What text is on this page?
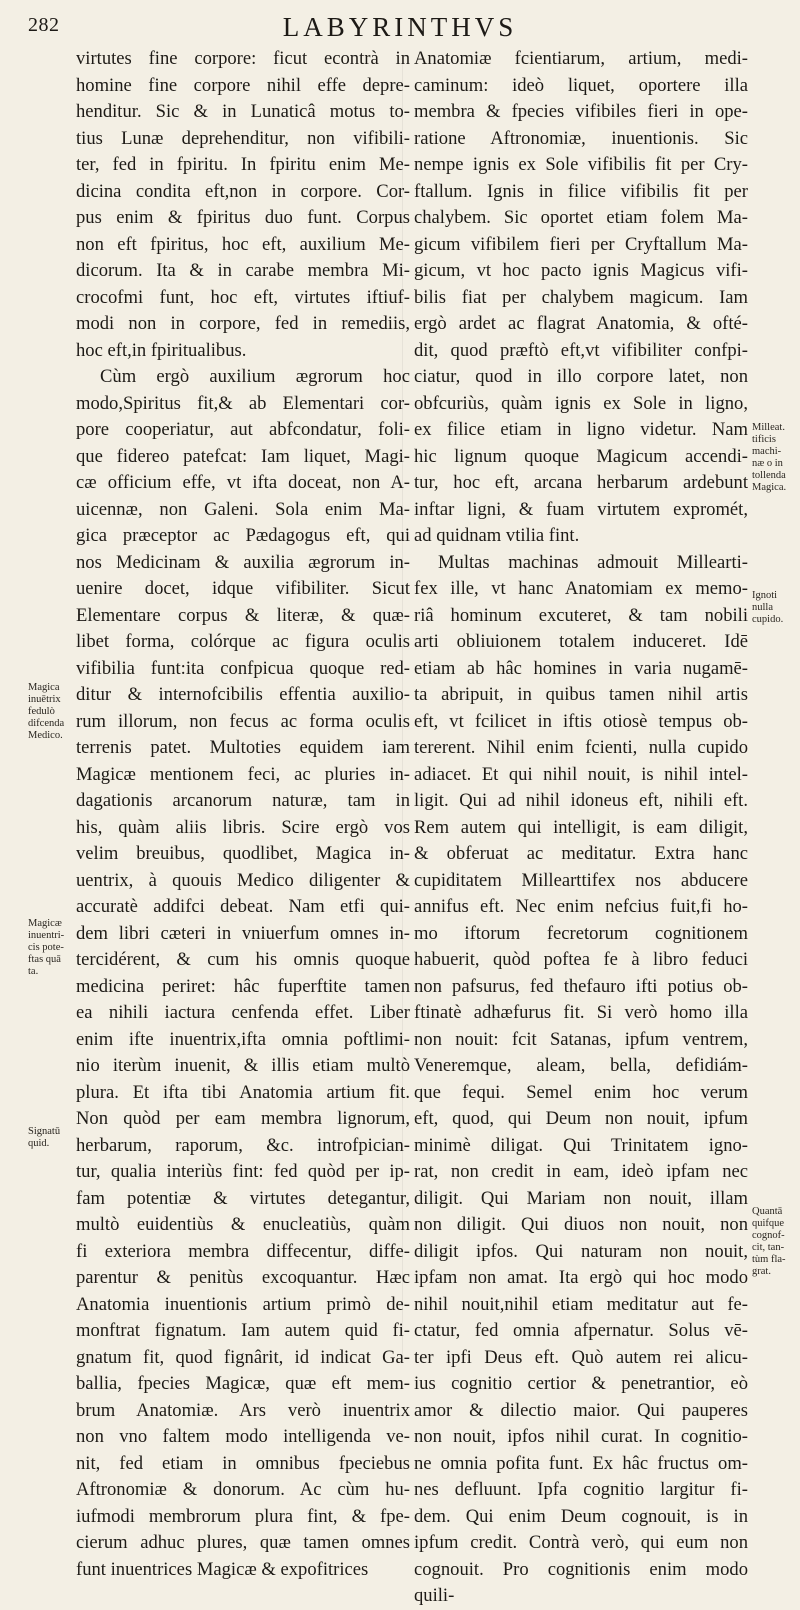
282	LABYRINTHVS
virtutes fine corpore: ficut econtrà in
homine fine corpore nihil effe depre-
henditur. Sic & in Lunaticâ motus to-
tius Lunæ deprehenditur, non vifibili-
ter, fed in fpiritu. In fpiritu enim Me-
dicina condita eft,non in corpore. Cor-
pus enim & fpiritus duo funt. Corpus
non eft fpiritus, hoc eft, auxilium Me-
dicorum. Ita & in carabe membra Mi-
crocofmi funt, hoc eft, virtutes iftiuf-
modi non in corpore, fed in remediis,
hoc eft,in fpiritualibus.
Cùm ergò auxilium ægrorum hoc
modo,Spiritus fit,& ab Elementari cor-
pore cooperiatur, aut abfcondatur, foli-
que fidereo patefcat: Iam liquet, Magi-
cæ officium effe, vt ifta doceat, non A-
uicennæ, non Galeni. Sola enim Ma-
gica præceptor ac Pædagogus eft, qui
nos Medicinam & auxilia ægrorum in-
uenire docet, idque vifibiliter. Sicut
Elementare corpus & literæ, & quæ-
libet forma, colórque ac figura oculis
vifibilia funt:ita confpicua quoque red-
ditur & internofcibilis effentia auxilio-
rum illorum, non fecus ac forma oculis
terrenis patet. Multoties equidem iam
Magicæ mentionem feci, ac pluries in-
dagationis arcanorum naturæ, tam in
his, quàm aliis libris. Scire ergò vos
velim breuibus, quodlibet, Magica in-
uentrix, à quouis Medico diligenter &
accuratè addifci debeat. Nam etfi qui-
dem libri cæteri in vniuerfum omnes in-
tercidérent, & cum his omnis quoque
medicina periret: hâc fuperftite tamen
ea nihili iactura cenfenda effet. Liber
enim ifte inuentrix,ifta omnia poftlimi-
nio iterùm inuenit, & illis etiam multò
plura. Et ifta tibi Anatomia artium fit.
Non quòd per eam membra lignorum,
herbarum, raporum, &c. introfpician-
tur, qualia interiùs fint: fed quòd per ip-
fam potentiæ & virtutes detegantur,
multò euidentiùs & enucleatiùs, quàm
fi exteriora membra diffecentur, diffe-
parentur & penitùs excoquantur. Hæc
Anatomia inuentionis artium primò de-
monftrat fignatum. Iam autem quid fi-
gnatum fit, quod fignârit, id indicat Ga-
ballia, fpecies Magicæ, quæ eft mem-
brum Anatomiæ. Ars verò inuentrix
non vno faltem modo intelligenda ve-
nit, fed etiam in omnibus fpeciebus
Aftronomiæ & donorum. Ac cùm hu-
iufmodi membrorum plura fint, & fpe-
cierum adhuc plures, quæ tamen omnes
funt inuentrices Magicæ & expofitrices
Anatomiæ fcientiarum, artium, medi-
caminum: ideò liquet, oportere illa
membra & fpecies vifibiles fieri in ope-
ratione Aftronomiæ, inuentionis. Sic
nempe ignis ex Sole vifibilis fit per Cry-
ftallum. Ignis in filice vifibilis fit per
chalybem. Sic oportet etiam folem Ma-
gicum vifibilem fieri per Cryftallum Ma-
gicum, vt hoc pacto ignis Magicus vifi-
bilis fiat per chalybem magicum. Iam
ergò ardet ac flagrat Anatomia, & ofté-
dit, quod præftò eft,vt vifibiliter confpi-
ciatur, quod in illo corpore latet, non
obfcuriùs, quàm ignis ex Sole in ligno,
ex filice etiam in ligno videtur. Nam
hic lignum quoque Magicum accendi-
tur, hoc eft, arcana herbarum ardebunt
inftar ligni, & fuam virtutem expromét,
ad quidnam vtilia fint.
Multas machinas admouit Millearti-
fex ille, vt hanc Anatomiam ex memo-
riâ hominum excuteret, & tam nobili
arti obliuionem totalem induceret. Idē
etiam ab hâc homines in varia nugamē-
ta abripuit, in quibus tamen nihil artis
eft, vt fcilicet in iftis otiosè tempus ob-
tererent. Nihil enim fcienti, nulla cupido
adiacet. Et qui nihil nouit, is nihil intel-
ligit. Qui ad nihil idoneus eft, nihili eft.
Rem autem qui intelligit, is eam diligit,
& obferuat ac meditatur. Extra hanc
cupiditatem Millearttifex nos abducere
annifus eft. Nec enim nefcius fuit,fi ho-
mo iftorum fecretorum cognitionem
habuerit, quòd poftea fe à libro feduci
non pafsurus, fed thefauro ifti potius ob-
ftinatè adhæfurus fit. Si verò homo illa
non nouit: fcit Satanas, ipfum ventrem,
Veneremque, aleam, bella, defidiám-
que fequi. Semel enim hoc verum
eft, quod, qui Deum non nouit, ipfum
minimè diligat. Qui Trinitatem igno-
rat, non credit in eam, ideò ipfam nec
diligit. Qui Mariam non nouit, illam
non diligit. Qui diuos non nouit, non
diligit ipfos. Qui naturam non nouit,
ipfam non amat. Ita ergò qui hoc modo
nihil nouit,nihil etiam meditatur aut fe-
ctatur, fed omnia afpernatur. Solus vē-
ter ipfi Deus eft. Quò autem rei alicu-
ius cognitio certior & penetrantior, eò
amor & dilectio maior. Qui pauperes
non nouit, ipfos nihil curat. In cognitio-
ne omnia pofita funt. Ex hâc fructus om-
nes defluunt. Ipfa cognitio largitur fi-
dem. Qui enim Deum cognouit, is in
ipfum credit. Contrà verò, qui eum non
cognouit. Pro cognitionis enim modo
quili-
Magica
inuētrix
fedulò
difcenda
Medico.
Magicæ
inuentri-
cis pote-
ftas quā
ta.
Signatū
quid.
Milleat.
tificis
machi-
næ o in
tollenda
Magica.
Ignoti
nulla
cupido.
Quantā
quifque
cognof-
cit, tan-
tùm fla-
grat.
